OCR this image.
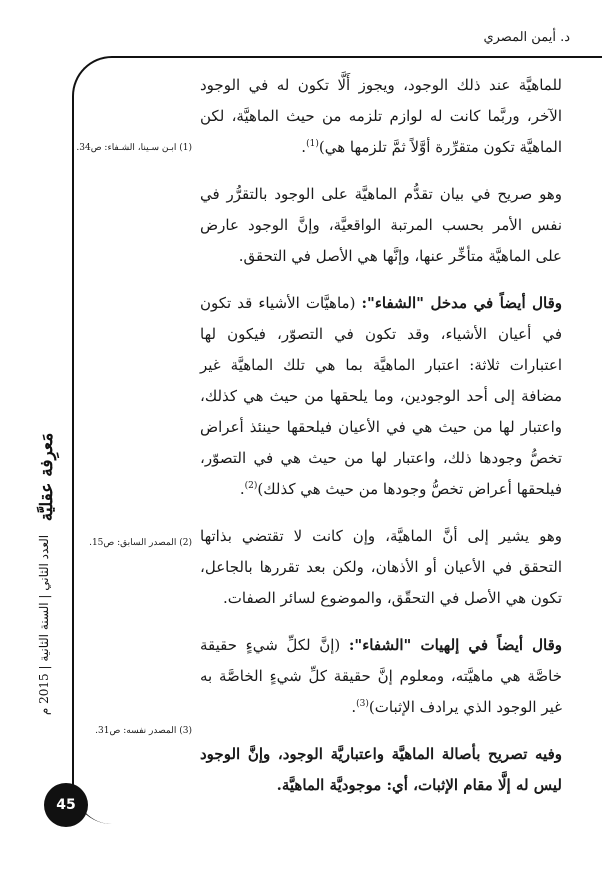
د. أيمن المصري

للماهيَّة عند ذلك الوجود، ويجوز أَلَّا تكون له في الوجود الآخر، وربَّما كانت له لوازم تلزمه من حيث الماهيَّة، لكن الماهيَّة تكون متقرِّرة أوَّلاً ثمَّ تلزمها هي)$^{(1)}$.

وهو صريح في بيان تقدُّم الماهيَّة على الوجود بالتقرُّر في نفس الأمر بحسب المرتبة الواقعيَّة، وإنَّ الوجود عارض على الماهيَّة متأخِّر عنها، وإنَّها هي الأصل في التحقق.

وقال أيضاً في مدخل "الشفاء": (ماهيَّات الأشياء قد تكون في أعيان الأشياء، وقد تكون في التصوّر، فيكون لها اعتبارات ثلاثة: اعتبار الماهيَّة بما هي تلك الماهيَّة غير مضافة إلى أحد الوجودين، وما يلحقها من حيث هي كذلك، واعتبار لها من حيث هي في الأعيان فيلحقها حينئذ أعراض تخصُّ وجودها ذلك، واعتبار لها من حيث هي في التصوّر، فيلحقها أعراض تخصُّ وجودها من حيث هي كذلك)$^{(2)}$.

وهو يشير إلى أنَّ الماهيَّة، وإن كانت لا تقتضي بذاتها التحقق في الأعيان أو الأذهان، ولكن بعد تقررها بالجاعل، تكون هي الأصل في التحقّق، والموضوع لسائر الصفات.

وقال أيضاً في إلهيات "الشفاء": (إنَّ لكلِّ شيءٍ حقيقة خاصَّة هي ماهيَّته، ومعلوم إنَّ حقيقة كلِّ شيءٍ الخاصَّة به غير الوجود الذي يرادف الإثبات)$^{(3)}$.

وفيه تصريح بأصالة الماهيَّة واعتباريَّة الوجود، وإنَّ الوجود ليس له إلَّا مقام الإثبات، أي: موجوديَّة الماهيَّة.

(1) ابـن سـينا، الشـفاء: ص34.
(2) المصدر السابق: ص15.
(3) المصدر نفسه: ص31.
مَعرِفة عقليَّة
العدد الثاني | السنة الثانية | 2015 م
45
